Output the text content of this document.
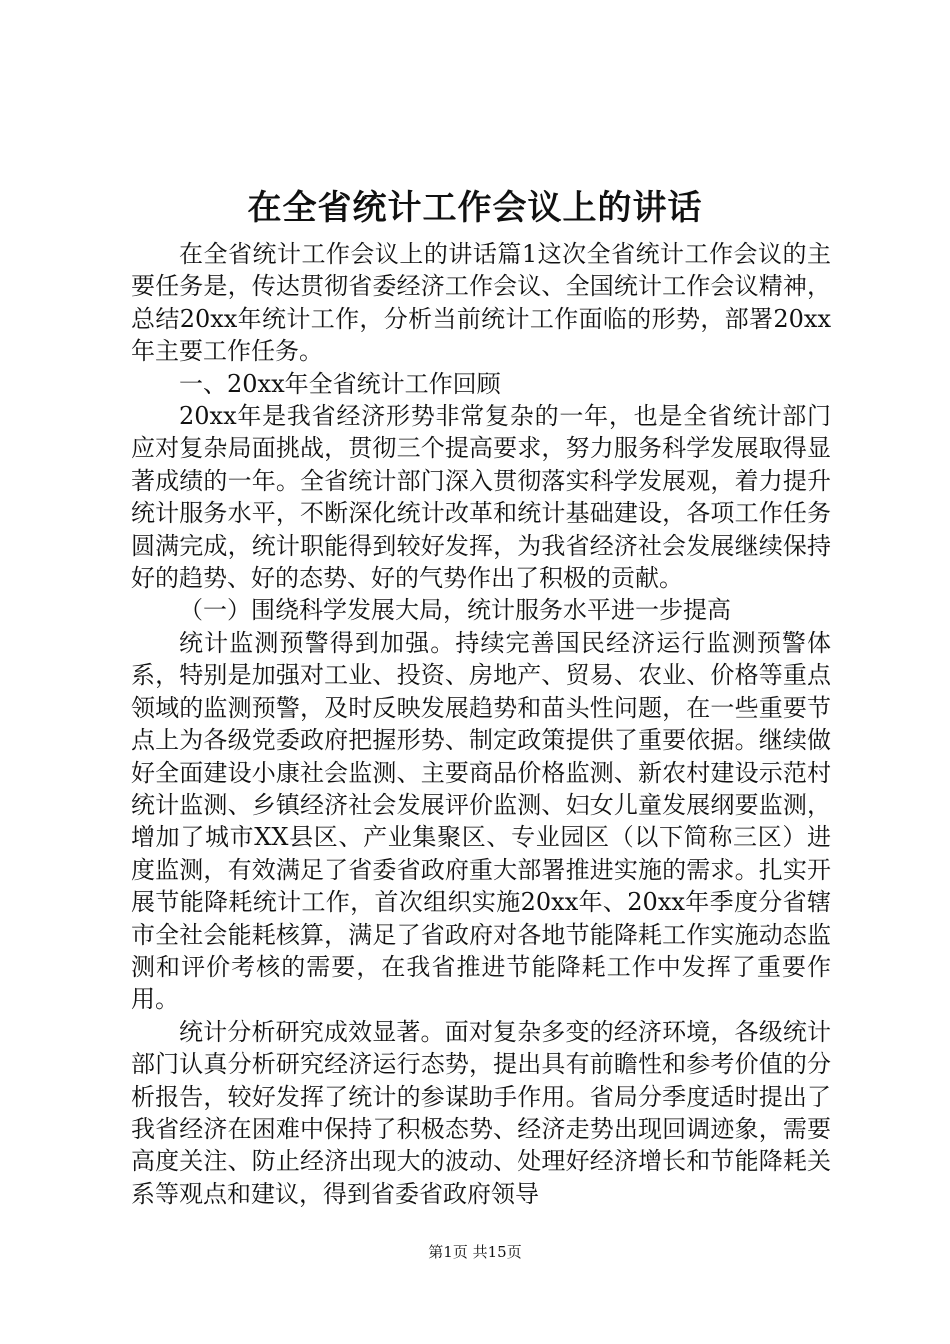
在全省统计工作会议上的讲话

在全省统计工作会议上的讲话篇1这次全省统计工作会议的主要任务是，传达贯彻省委经济工作会议、全国统计工作会议精神，总结20xx年统计工作，分析当前统计工作面临的形势，部署20xx年主要工作任务。

一、20xx年全省统计工作回顾

20xx年是我省经济形势非常复杂的一年，也是全省统计部门应对复杂局面挑战，贯彻三个提高要求，努力服务科学发展取得显著成绩的一年。全省统计部门深入贯彻落实科学发展观，着力提升统计服务水平，不断深化统计改革和统计基础建设，各项工作任务圆满完成，统计职能得到较好发挥，为我省经济社会发展继续保持好的趋势、好的态势、好的气势作出了积极的贡献。

（一）围绕科学发展大局，统计服务水平进一步提高

统计监测预警得到加强。持续完善国民经济运行监测预警体系，特别是加强对工业、投资、房地产、贸易、农业、价格等重点领域的监测预警，及时反映发展趋势和苗头性问题，在一些重要节点上为各级党委政府把握形势、制定政策提供了重要依据。继续做好全面建设小康社会监测、主要商品价格监测、新农村建设示范村统计监测、乡镇经济社会发展评价监测、妇女儿童发展纲要监测，增加了城市XX县区、产业集聚区、专业园区（以下简称三区）进度监测，有效满足了省委省政府重大部署推进实施的需求。扎实开展节能降耗统计工作，首次组织实施20xx年、20xx年季度分省辖市全社会能耗核算，满足了省政府对各地节能降耗工作实施动态监测和评价考核的需要，在我省推进节能降耗工作中发挥了重要作用。

统计分析研究成效显著。面对复杂多变的经济环境，各级统计部门认真分析研究经济运行态势，提出具有前瞻性和参考价值的分析报告，较好发挥了统计的参谋助手作用。省局分季度适时提出了我省经济在困难中保持了积极态势、经济走势出现回调迹象，需要高度关注、防止经济出现大的波动、处理好经济增长和节能降耗关系等观点和建议，得到省委省政府领导

第1页 共15页
